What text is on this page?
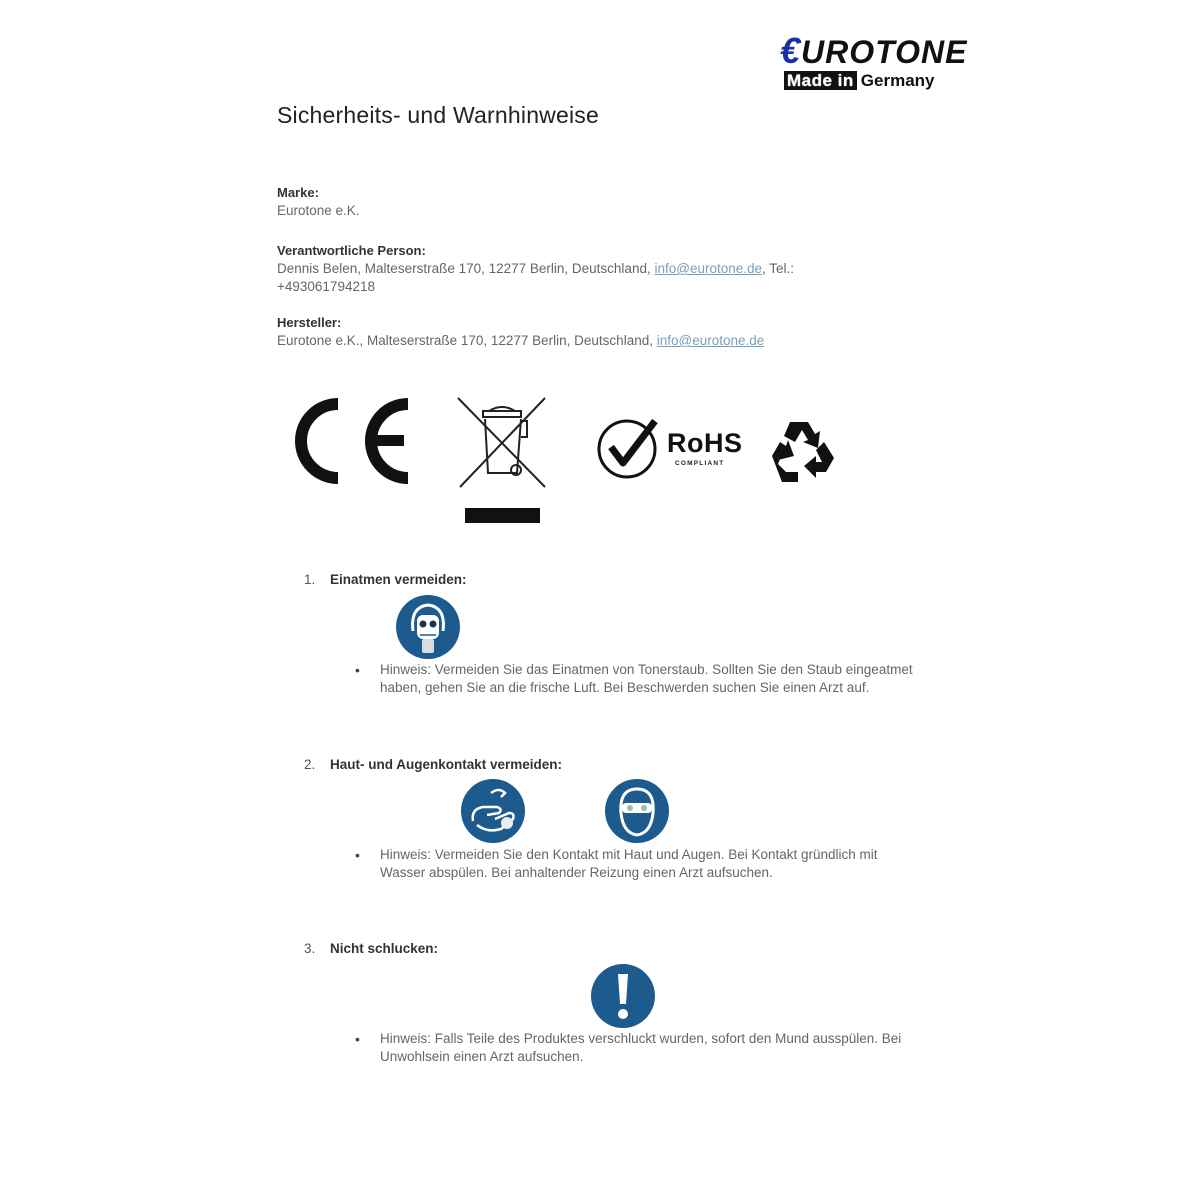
€UROTONE
Made in Germany
Sicherheits- und Warnhinweise
Marke:
Eurotone e.K.
Verantwortliche Person:
Dennis Belen, Malteserstraße 170, 12277 Berlin, Deutschland, info@eurotone.de, Tel.:
+493061794218
Hersteller:
Eurotone e.K., Malteserstraße 170, 12277 Berlin, Deutschland, info@eurotone.de
RoHS
COMPLIANT
1. Einatmen vermeiden:

• Hinweis: Vermeiden Sie das Einatmen von Tonerstaub. Sollten Sie den Staub eingeatmet haben, gehen Sie an die frische Luft. Bei Beschwerden suchen Sie einen Arzt auf.
2. Haut- und Augenkontakt vermeiden:

• Hinweis: Vermeiden Sie den Kontakt mit Haut und Augen. Bei Kontakt gründlich mit Wasser abspülen. Bei anhaltender Reizung einen Arzt aufsuchen.
3. Nicht schlucken:
• Hinweis: Falls Teile des Produktes verschluckt wurden, sofort den Mund ausspülen. Bei Unwohlsein einen Arzt aufsuchen.
